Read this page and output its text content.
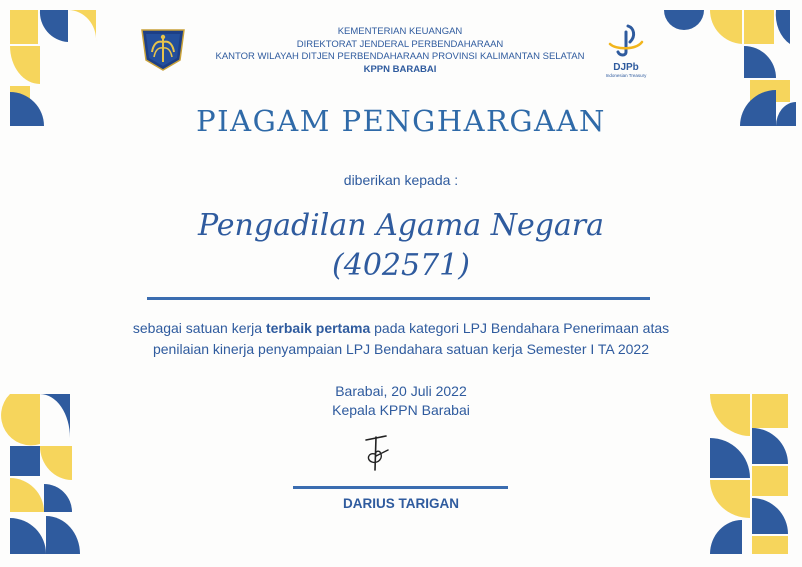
KEMENTERIAN KEUANGAN
DIREKTORAT JENDERAL PERBENDAHARAAN
KANTOR WILAYAH DITJEN PERBENDAHARAAN PROVINSI KALIMANTAN SELATAN
KPPN BARABAI	DJPb
Indonesian Treasury
PIAGAM PENGHARGAAN
diberikan kepada :
Pengadilan Agama Negara
(402571)
sebagai satuan kerja terbaik pertama pada kategori LPJ Bendahara Penerimaan atas
penilaian kinerja penyampaian LPJ Bendahara satuan kerja Semester I TA 2022
Barabai, 20 Juli 2022
Kepala KPPN Barabai
DARIUS TARIGAN
